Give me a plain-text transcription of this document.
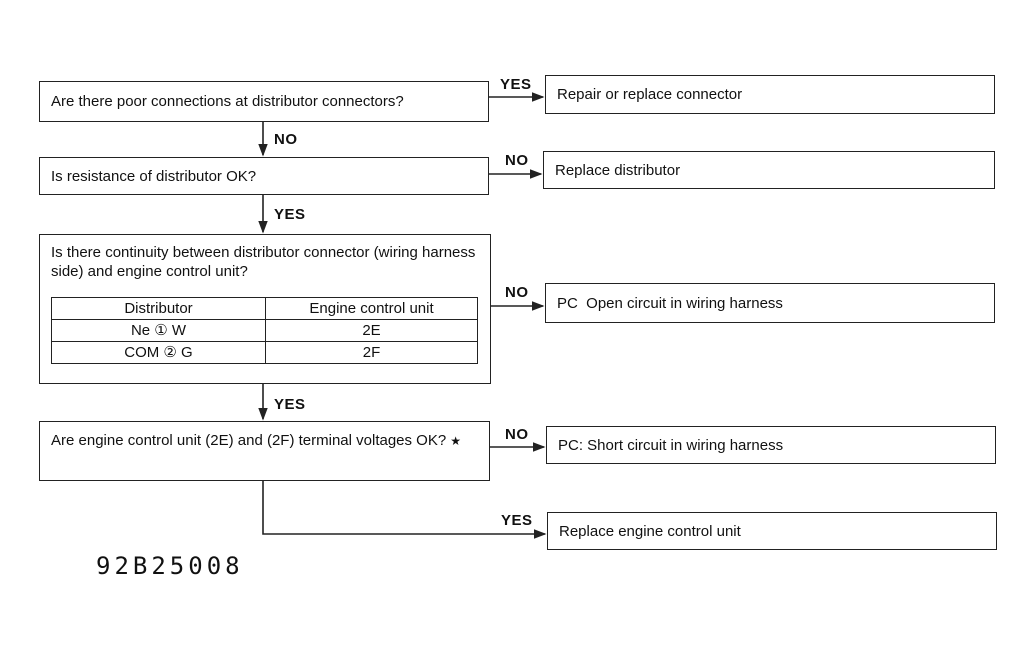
Are there poor connections at distributor connectors?
Is resistance of distributor OK?
Is there continuity between distributor connector (wiring harness side) and engine control unit?
Distributor	Engine control unit
Ne ① W	2E
COM ② G	2F
Are engine control unit (2E) and (2F) terminal voltages OK? ★
Repair or replace connector
Replace distributor
PC  Open circuit in wiring harness
PC: Short circuit in wiring harness
Replace engine control unit
YES
NO
NO
YES
NO
YES
NO
YES
92B25008
